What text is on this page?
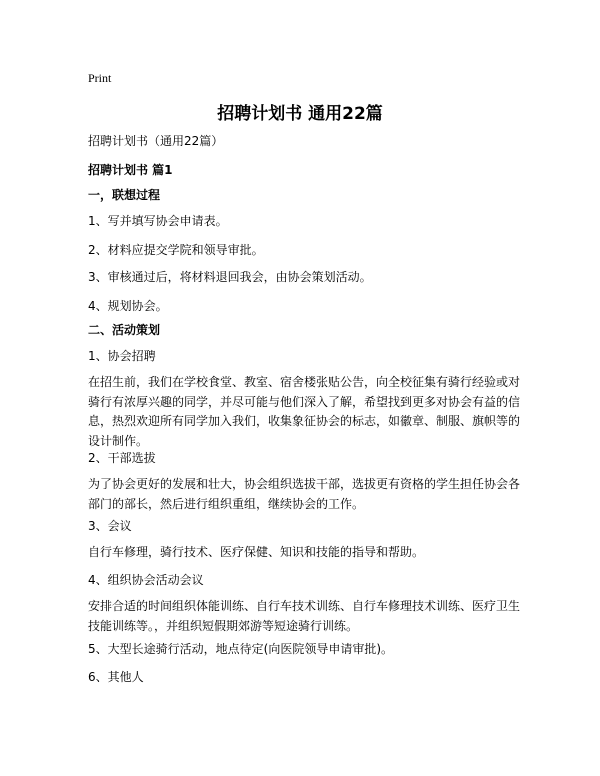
Print
招聘计划书 通用22篇
招聘计划书（通用22篇）
招聘计划书 篇1
一，联想过程
1、写并填写协会申请表。
2、材料应提交学院和领导审批。
3、审核通过后，将材料退回我会，由协会策划活动。
4、规划协会。
二、活动策划
1、协会招聘
在招生前，我们在学校食堂、教室、宿舍楼张贴公告，向全校征集有骑行经验或对
骑行有浓厚兴趣的同学，并尽可能与他们深入了解，希望找到更多对协会有益的信
息，热烈欢迎所有同学加入我们，收集象征协会的标志，如徽章、制服、旗帜等的
设计制作。
2、干部选拔
为了协会更好的发展和壮大，协会组织选拔干部，选拔更有资格的学生担任协会各
部门的部长，然后进行组织重组，继续协会的工作。
3、会议
自行车修理，骑行技术、医疗保健、知识和技能的指导和帮助。
4、组织协会活动会议
安排合适的时间组织体能训练、自行车技术训练、自行车修理技术训练、医疗卫生
技能训练等。，并组织短假期郊游等短途骑行训练。
5、大型长途骑行活动，地点待定(向医院领导申请审批)。
6、其他人
